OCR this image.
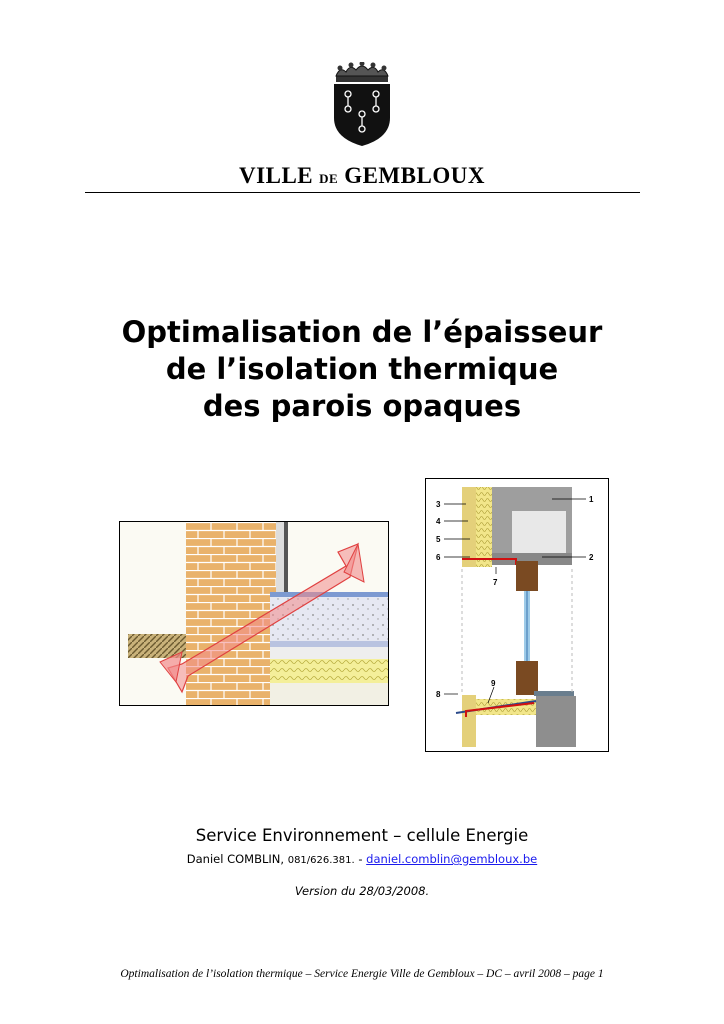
VILLE DE GEMBLOUX
Optimalisation de l’épaisseur
de l’isolation thermique
des parois opaques
1
2
3
4
5
6
7
8
9
Service Environnement – cellule Energie
Daniel COMBLIN, 081/626.381. - daniel.comblin@gembloux.be
Version du 28/03/2008.
Optimalisation de l’isolation thermique – Service Energie Ville de Gembloux – DC – avril 2008 – page 1
